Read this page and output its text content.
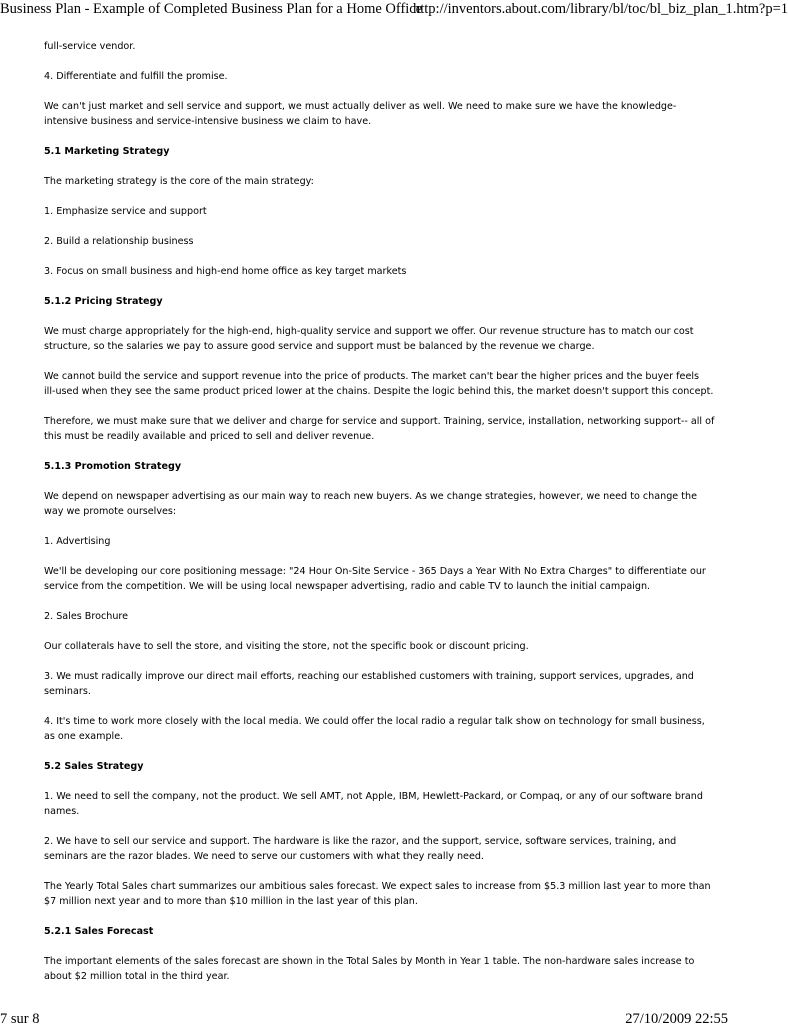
Business Plan - Example of Completed Business Plan for a Home Office
http://inventors.about.com/library/bl/toc/bl_biz_plan_1.htm?p=1

full-service vendor.

4. Differentiate and fulfill the promise.

We can't just market and sell service and support, we must actually deliver as well. We need to make sure we have the knowledge-
intensive business and service-intensive business we claim to have.

5.1 Marketing Strategy

The marketing strategy is the core of the main strategy:

1. Emphasize service and support

2. Build a relationship business

3. Focus on small business and high-end home office as key target markets

5.1.2 Pricing Strategy

We must charge appropriately for the high-end, high-quality service and support we offer. Our revenue structure has to match our cost
structure, so the salaries we pay to assure good service and support must be balanced by the revenue we charge.

We cannot build the service and support revenue into the price of products. The market can't bear the higher prices and the buyer feels
ill-used when they see the same product priced lower at the chains. Despite the logic behind this, the market doesn't support this concept.

Therefore, we must make sure that we deliver and charge for service and support. Training, service, installation, networking support-- all of
this must be readily available and priced to sell and deliver revenue.

5.1.3 Promotion Strategy

We depend on newspaper advertising as our main way to reach new buyers. As we change strategies, however, we need to change the
way we promote ourselves:

1. Advertising

We'll be developing our core positioning message: "24 Hour On-Site Service - 365 Days a Year With No Extra Charges" to differentiate our
service from the competition. We will be using local newspaper advertising, radio and cable TV to launch the initial campaign.

2. Sales Brochure

Our collaterals have to sell the store, and visiting the store, not the specific book or discount pricing.

3. We must radically improve our direct mail efforts, reaching our established customers with training, support services, upgrades, and
seminars.

4. It's time to work more closely with the local media. We could offer the local radio a regular talk show on technology for small business,
as one example.

5.2 Sales Strategy

1. We need to sell the company, not the product. We sell AMT, not Apple, IBM, Hewlett-Packard, or Compaq, or any of our software brand
names.

2. We have to sell our service and support. The hardware is like the razor, and the support, service, software services, training, and
seminars are the razor blades. We need to serve our customers with what they really need.

The Yearly Total Sales chart summarizes our ambitious sales forecast. We expect sales to increase from $5.3 million last year to more than
$7 million next year and to more than $10 million in the last year of this plan.

5.2.1 Sales Forecast

The important elements of the sales forecast are shown in the Total Sales by Month in Year 1 table. The non-hardware sales increase to
about $2 million total in the third year.

7 sur 8	27/10/2009 22:55
